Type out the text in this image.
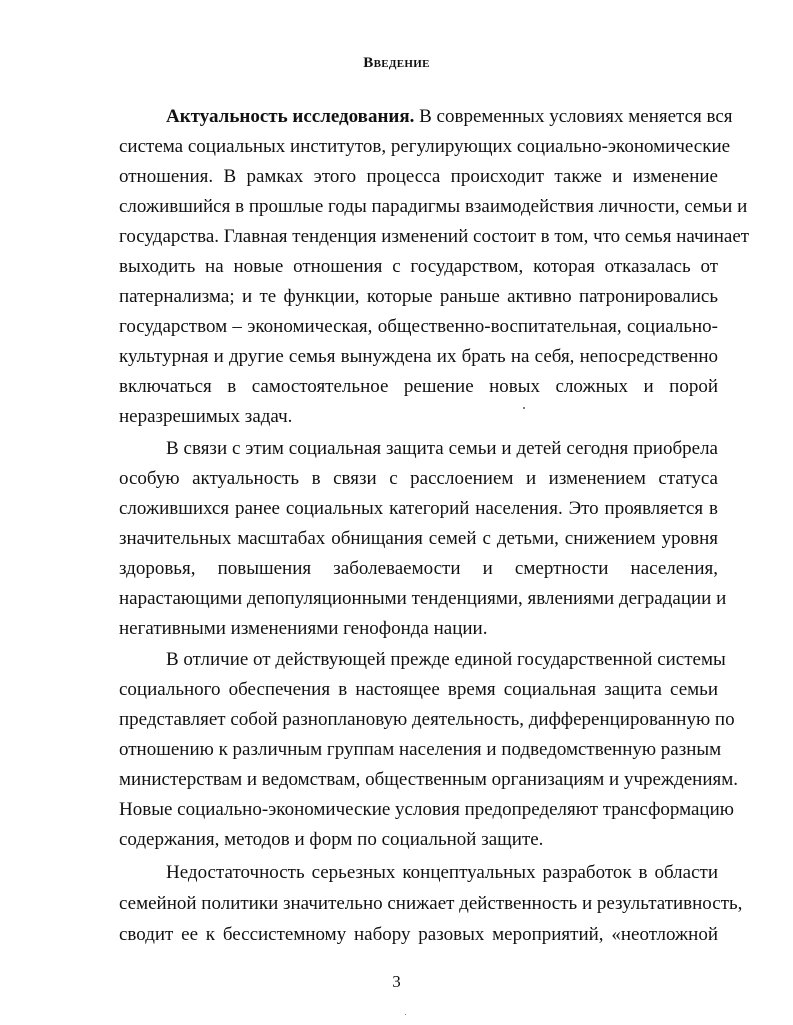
Введение
Актуальность исследования. В современных условиях меняется вся
система социальных институтов, регулирующих социально-экономические
отношения. В рамках этого процесса происходит также и изменение
сложившийся в прошлые годы парадигмы взаимодействия личности, семьи и
государства. Главная тенденция изменений состоит в том, что семья начинает
выходить на новые отношения с государством, которая отказалась от
патернализма; и те функции, которые раньше активно патронировались
государством – экономическая, общественно-воспитательная, социально-
культурная и другие семья вынуждена их брать на себя, непосредственно
включаться в самостоятельное решение новых сложных и порой
неразрешимых задач.
В связи с этим социальная защита семьи и детей сегодня приобрела
особую актуальность в связи с расслоением и изменением статуса
сложившихся ранее социальных категорий населения. Это проявляется в
значительных масштабах обнищания семей с детьми, снижением уровня
здоровья, повышения заболеваемости и смертности населения,
нарастающими депопуляционными тенденциями, явлениями деградации и
негативными изменениями генофонда нации.
В отличие от действующей прежде единой государственной системы
социального обеспечения в настоящее время социальная защита семьи
представляет собой разноплановую деятельность, дифференцированную по
отношению к различным группам населения и подведомственную разным
министерствам и ведомствам, общественным организациям и учреждениям.
Новые социально-экономические условия предопределяют трансформацию
содержания, методов и форм по социальной защите.
Недостаточность серьезных концептуальных разработок в области
семейной политики значительно снижает действенность и результативность,
сводит ее к бессистемному набору разовых мероприятий, «неотложной
3
